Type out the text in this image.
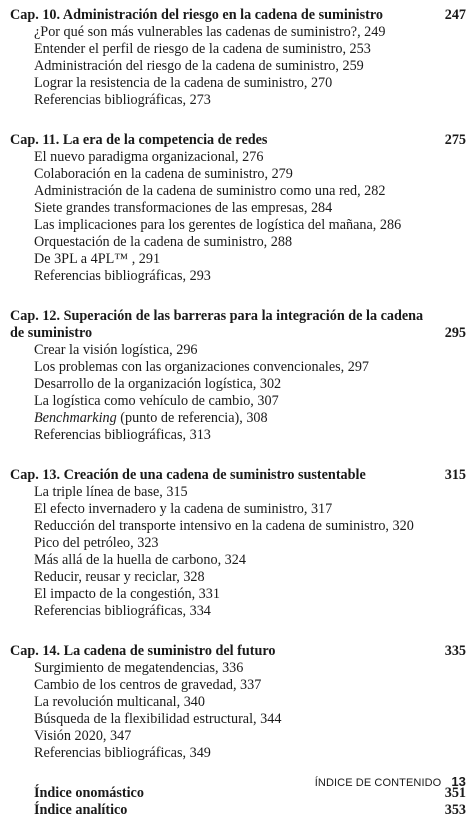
Cap. 10. Administración del riesgo en la cadena de suministro	247
¿Por qué son más vulnerables las cadenas de suministro?, 249
Entender el perfil de riesgo de la cadena de suministro, 253
Administración del riesgo de la cadena de suministro, 259
Lograr la resistencia de la cadena de suministro, 270
Referencias bibliográficas, 273
Cap. 11. La era de la competencia de redes	275
El nuevo paradigma organizacional, 276
Colaboración en la cadena de suministro, 279
Administración de la cadena de suministro como una red, 282
Siete grandes transformaciones de las empresas, 284
Las implicaciones para los gerentes de logística del mañana, 286
Orquestación de la cadena de suministro, 288
De 3PL a 4PL™ , 291
Referencias bibliográficas, 293
Cap. 12. Superación de las barreras para la integración de la cadena de suministro	295
Crear la visión logística, 296
Los problemas con las organizaciones convencionales, 297
Desarrollo de la organización logística, 302
La logística como vehículo de cambio, 307
Benchmarking (punto de referencia), 308
Referencias bibliográficas, 313
Cap. 13. Creación de una cadena de suministro sustentable	315
La triple línea de base, 315
El efecto invernadero y la cadena de suministro, 317
Reducción del transporte intensivo en la cadena de suministro, 320
Pico del petróleo, 323
Más allá de la huella de carbono, 324
Reducir, reusar y reciclar, 328
El impacto de la congestión, 331
Referencias bibliográficas, 334
Cap. 14. La cadena de suministro del futuro	335
Surgimiento de megatendencias, 336
Cambio de los centros de gravedad, 337
La revolución multicanal, 340
Búsqueda de la flexibilidad estructural, 344
Visión 2020, 347
Referencias bibliográficas, 349
Índice onomástico	351
Índice analítico	353
ÍNDICE DE CONTENIDO 13
